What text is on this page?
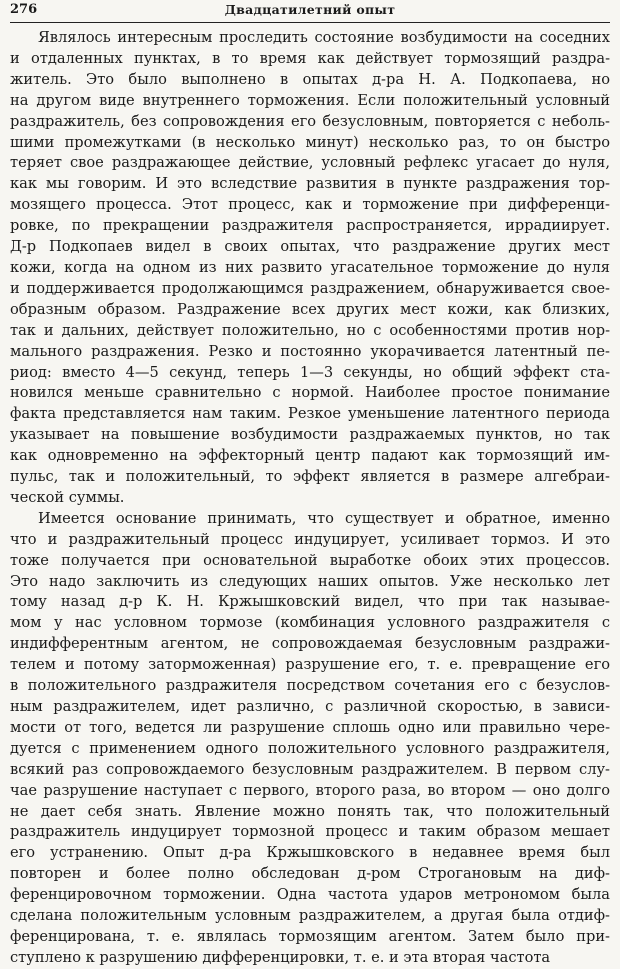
276	Двадцатилетний опыт
Являлось интересным проследить состояние возбудимости на соседних
и отдаленных пунктах, в то время как действует тормозящий раздра-
житель. Это было выполнено в опытах д-ра Н. А. Подкопаева, но
на другом виде внутреннего торможения. Если положительный условный
раздражитель, без сопровождения его безусловным, повторяется с неболь-
шими промежутками (в несколько минут) несколько раз, то он быстро
теряет свое раздражающее действие, условный рефлекс угасает до нуля,
как мы говорим. И это вследствие развития в пункте раздражения тор-
мозящего процесса. Этот процесс, как и торможение при дифференци-
ровке, по прекращении раздражителя распространяется, иррадиирует.
Д-р Подкопаев видел в своих опытах, что раздражение других мест
кожи, когда на одном из них развито угасательное торможение до нуля
и поддерживается продолжающимся раздражением, обнаруживается свое-
образным образом. Раздражение всех других мест кожи, как близких,
так и дальних, действует положительно, но с особенностями против нор-
мального раздражения. Резко и постоянно укорачивается латентный пе-
риод: вместо 4—5 секунд, теперь 1—3 секунды, но общий эффект ста-
новился меньше сравнительно с нормой. Наиболее простое понимание
факта представляется нам таким. Резкое уменьшение латентного периода
указывает на повышение возбудимости раздражаемых пунктов, но так
как одновременно на эффекторный центр падают как тормозящий им-
пульс, так и положительный, то эффект является в размере алгебраи-
ческой суммы.
Имеется основание принимать, что существует и обратное, именно
что и раздражительный процесс индуцирует, усиливает тормоз. И это
тоже получается при основательной выработке обоих этих процессов.
Это надо заключить из следующих наших опытов. Уже несколько лет
тому назад д-р К. Н. Кржышковский видел, что при так называе-
мом у нас условном тормозе (комбинация условного раздражителя с
индифферентным агентом, не сопровождаемая безусловным раздражи-
телем и потому заторможенная) разрушение его, т. е. превращение его
в положительного раздражителя посредством сочетания его с безуслов-
ным раздражителем, идет различно, с различной скоростью, в зависи-
мости от того, ведется ли разрушение сплошь одно или правильно чере-
дуется с применением одного положительного условного раздражителя,
всякий раз сопровождаемого безусловным раздражителем. В первом слу-
чае разрушение наступает с первого, второго раза, во втором — оно долго
не дает себя знать. Явление можно понять так, что положительный
раздражитель индуцирует тормозной процесс и таким образом мешает
его устранению. Опыт д-ра Кржышковского в недавнее время был
повторен и более полно обследован д-ром Строгановым на диф-
ференцировочном торможении. Одна частота ударов метрономом была
сделана положительным условным раздражителем, а другая была отдиф-
ференцирована, т. е. являлась тормозящим агентом. Затем было при-
ступлено к разрушению дифференцировки, т. е. и эта вторая частота
